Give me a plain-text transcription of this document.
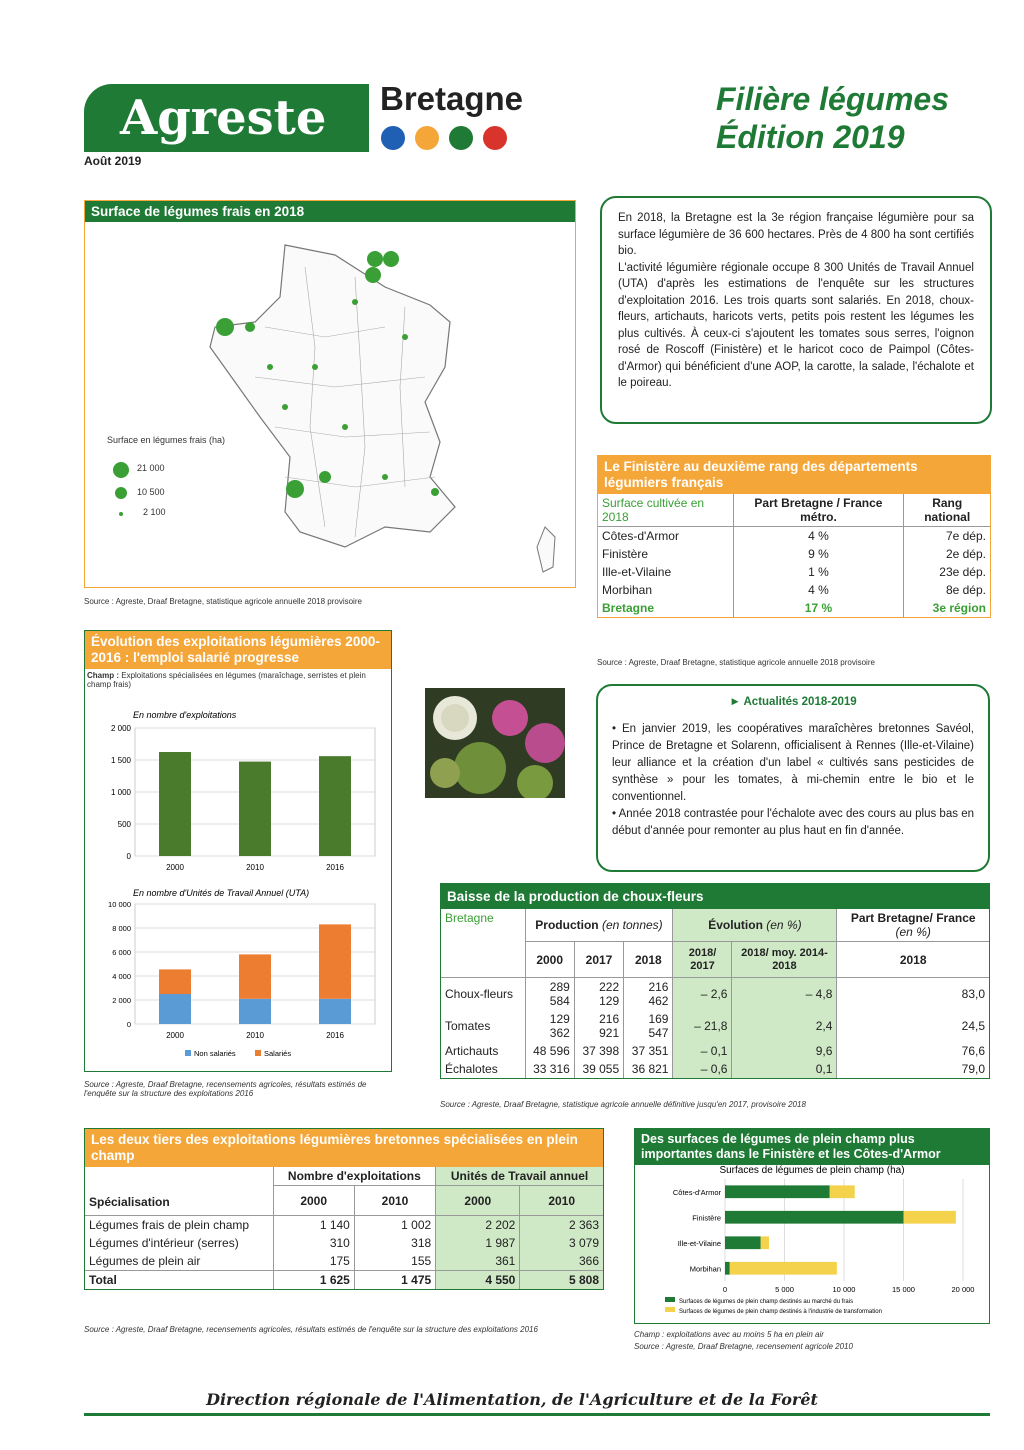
Agreste Bretagne
Août 2019
Filière légumes
Édition 2019
Surface de légumes frais en 2018
Surface en légumes frais (ha)
21 000
10 500
2 100
Source : Agreste, Draaf Bretagne, statistique agricole annuelle 2018 provisoire

En 2018, la Bretagne est la 3e région française légumière pour sa surface légumière de 36 600 hectares. Près de 4 800 ha sont certifiés bio.

L'activité légumière régionale occupe 8 300 Unités de Travail Annuel (UTA) d'après les estimations de l'enquête sur les structures d'exploitation 2016. Les trois quarts sont salariés. En 2018, choux-fleurs, artichauts, haricots verts, petits pois restent les légumes les plus cultivés. À ceux-ci s'ajoutent les tomates sous serres, l'oignon rosé de Roscoff (Finistère) et le haricot coco de Paimpol (Côtes-d'Armor) qui bénéficient d'une AOP, la carotte, la salade, l'échalote et le poireau.

Le Finistère au deuxième rang des départements légumiers français
Surface cultivée en 2018	Part Bretagne / France métro.	Rang national
Côtes-d'Armor	4 %	7e dép.
Finistère	9 %	2e dép.
Ille-et-Vilaine	1 %	23e dép.
Morbihan	4 %	8e dép.
Bretagne	17 %	3e région
Source : Agreste, Draaf Bretagne, statistique agricole annuelle 2018 provisoire
Évolution des exploitations légumières 2000-2016 : l'emploi salarié progresse
Champ : Exploitations spécialisées en légumes (maraîchage, serristes et plein champ frais)
En nombre d'exploitations
0
500
1 000
1 500
2 000
2000	2010	2016
En nombre d'Unités de Travail Annuel (UTA)
0
2 000
4 000
6 000
8 000
10 000
2000	2010	2016
Non salariés	Salariés
Source : Agreste, Draaf Bretagne, recensements agricoles, résultats estimés de l'enquête sur la structure des exploitations 2016
► Actualités 2018-2019

• En janvier 2019, les coopératives maraîchères bretonnes Savéol, Prince de Bretagne et Solarenn, officialisent à Rennes (Ille-et-Vilaine) leur alliance et la création d'un label « cultivés sans pesticides de synthèse » pour les tomates, à mi-chemin entre le bio et le conventionnel.

• Année 2018 contrastée pour l'échalote avec des cours au plus bas en début d'année pour remonter au plus haut en fin d'année.

Baisse de la production de choux-fleurs
Bretagne	Production (en tonnes)			Évolution (en %)		Part Bretagne/ France (en %)
	2000	2017	2018	2018/ 2017	2018/ moy. 2014-2018	2018
Choux-fleurs	289 584	222 129	216 462	– 2,6	– 4,8	83,0
Tomates	129 362	216 921	169 547	– 21,8	2,4	24,5
Artichauts	48 596	37 398	37 351	– 0,1	9,6	76,6
Échalotes	33 316	39 055	36 821	– 0,6	0,1	79,0
Source : Agreste, Draaf Bretagne, statistique agricole annuelle définitive jusqu'en 2017, provisoire 2018
Les deux tiers des exploitations légumières bretonnes spécialisées en plein champ
Spécialisation	Nombre d'exploitations		Unités de Travail annuel	
	2000	2010	2000	2010
Légumes frais de plein champ	1 140	1 002	2 202	2 363
Légumes d'intérieur (serres)	310	318	1 987	3 079
Légumes de plein air	175	155	361	366
Total	1 625	1 475	4 550	5 808
Source : Agreste, Draaf Bretagne, recensements agricoles, résultats estimés de l'enquête sur la structure des exploitations 2016
Des surfaces de légumes de plein champ plus importantes dans le Finistère et les Côtes-d'Armor
Surfaces de légumes de plein champ (ha)
0	5 000	10 000	15 000	20 000
Côtes-d'Armor
Finistère
Ille-et-Vilaine
Morbihan
Surfaces de légumes de plein champ destinés au marché du frais
Surfaces de légumes de plein champ destinés à l'industrie de transformation
Champ : exploitations avec au moins 5 ha en plein air
Source : Agreste, Draaf Bretagne, recensement agricole 2010
Direction régionale de l'Alimentation, de l'Agriculture et de la Forêt
